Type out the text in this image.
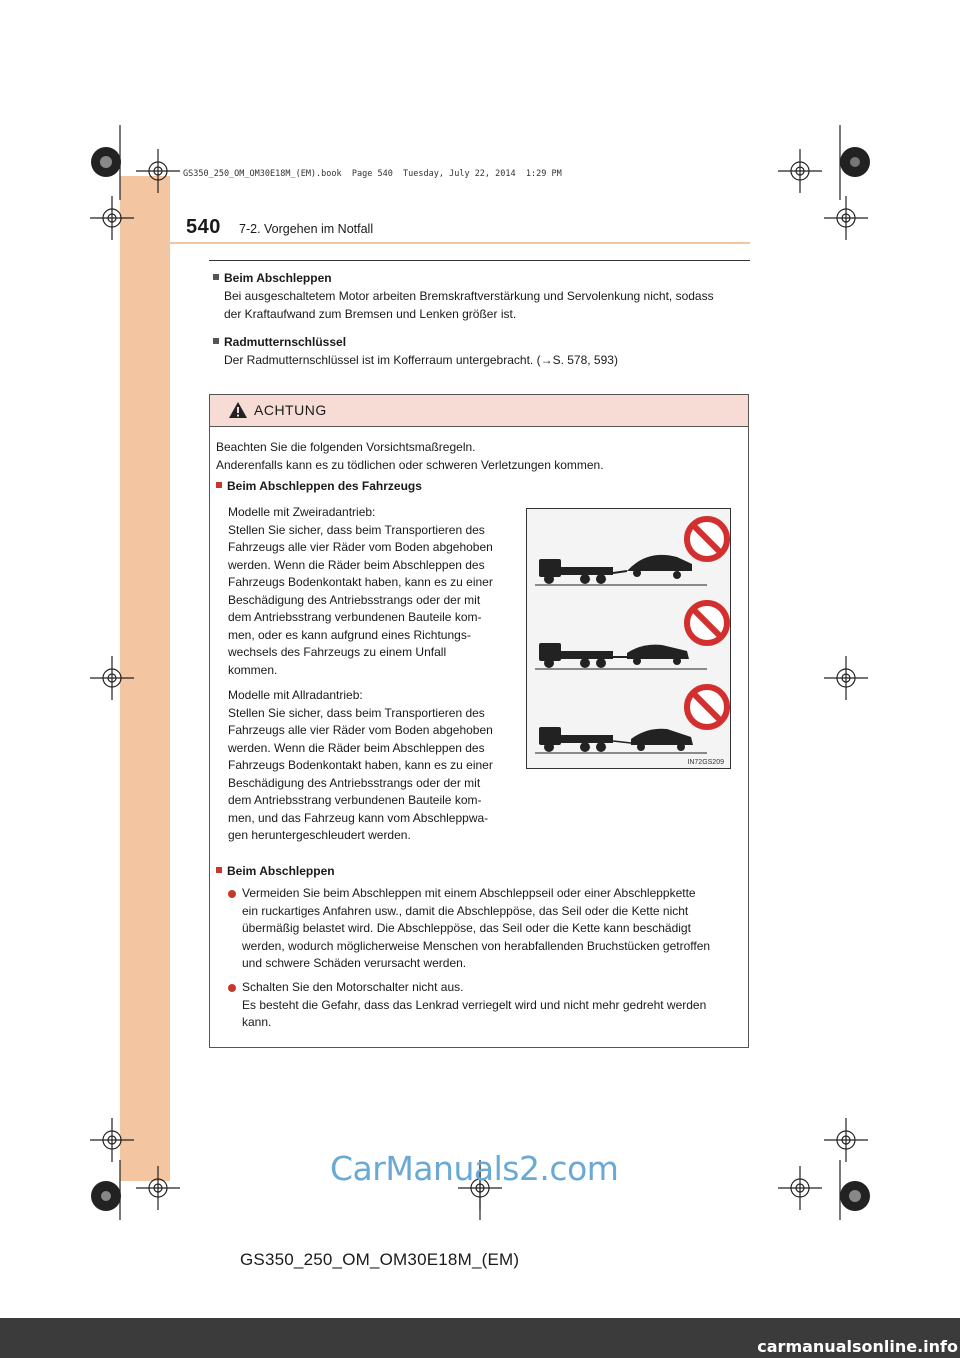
GS350_250_OM_OM30E18M_(EM).book  Page 540  Tuesday, July 22, 2014  1:29 PM
540 7-2. Vorgehen im Notfall
Beim Abschleppen
Bei ausgeschaltetem Motor arbeiten Bremskraftverstärkung und Servolenkung nicht, sodass
der Kraftaufwand zum Bremsen und Lenken größer ist.
Radmutternschlüssel
Der Radmutternschlüssel ist im Kofferraum untergebracht. (→S. 578, 593)
ACHTUNG
Beachten Sie die folgenden Vorsichtsmaßregeln.
Anderenfalls kann es zu tödlichen oder schweren Verletzungen kommen.
Beim Abschleppen des Fahrzeugs
Modelle mit Zweiradantrieb:
Stellen Sie sicher, dass beim Transportieren des
Fahrzeugs alle vier Räder vom Boden abgehoben
werden. Wenn die Räder beim Abschleppen des
Fahrzeugs Bodenkontakt haben, kann es zu einer
Beschädigung des Antriebsstrangs oder der mit
dem Antriebsstrang verbundenen Bauteile kom-
men, oder es kann aufgrund eines Richtungs-
wechsels des Fahrzeugs zu einem Unfall
kommen.
Modelle mit Allradantrieb:
Stellen Sie sicher, dass beim Transportieren des
Fahrzeugs alle vier Räder vom Boden abgehoben
werden. Wenn die Räder beim Abschleppen des
Fahrzeugs Bodenkontakt haben, kann es zu einer
Beschädigung des Antriebsstrangs oder der mit
dem Antriebsstrang verbundenen Bauteile kom-
men, und das Fahrzeug kann vom Abschleppwa-
gen heruntergeschleudert werden.
Beim Abschleppen
Vermeiden Sie beim Abschleppen mit einem Abschleppseil oder einer Abschleppkette
ein ruckartiges Anfahren usw., damit die Abschleppöse, das Seil oder die Kette nicht
übermäßig belastet wird. Die Abschleppöse, das Seil oder die Kette kann beschädigt
werden, wodurch möglicherweise Menschen von herabfallenden Bruchstücken getroffen
und schwere Schäden verursacht werden.
Schalten Sie den Motorschalter nicht aus.
Es besteht die Gefahr, dass das Lenkrad verriegelt wird und nicht mehr gedreht werden
kann.
IN72GS209
CarManuals2.com
GS350_250_OM_OM30E18M_(EM)
carmanualsonline.info
